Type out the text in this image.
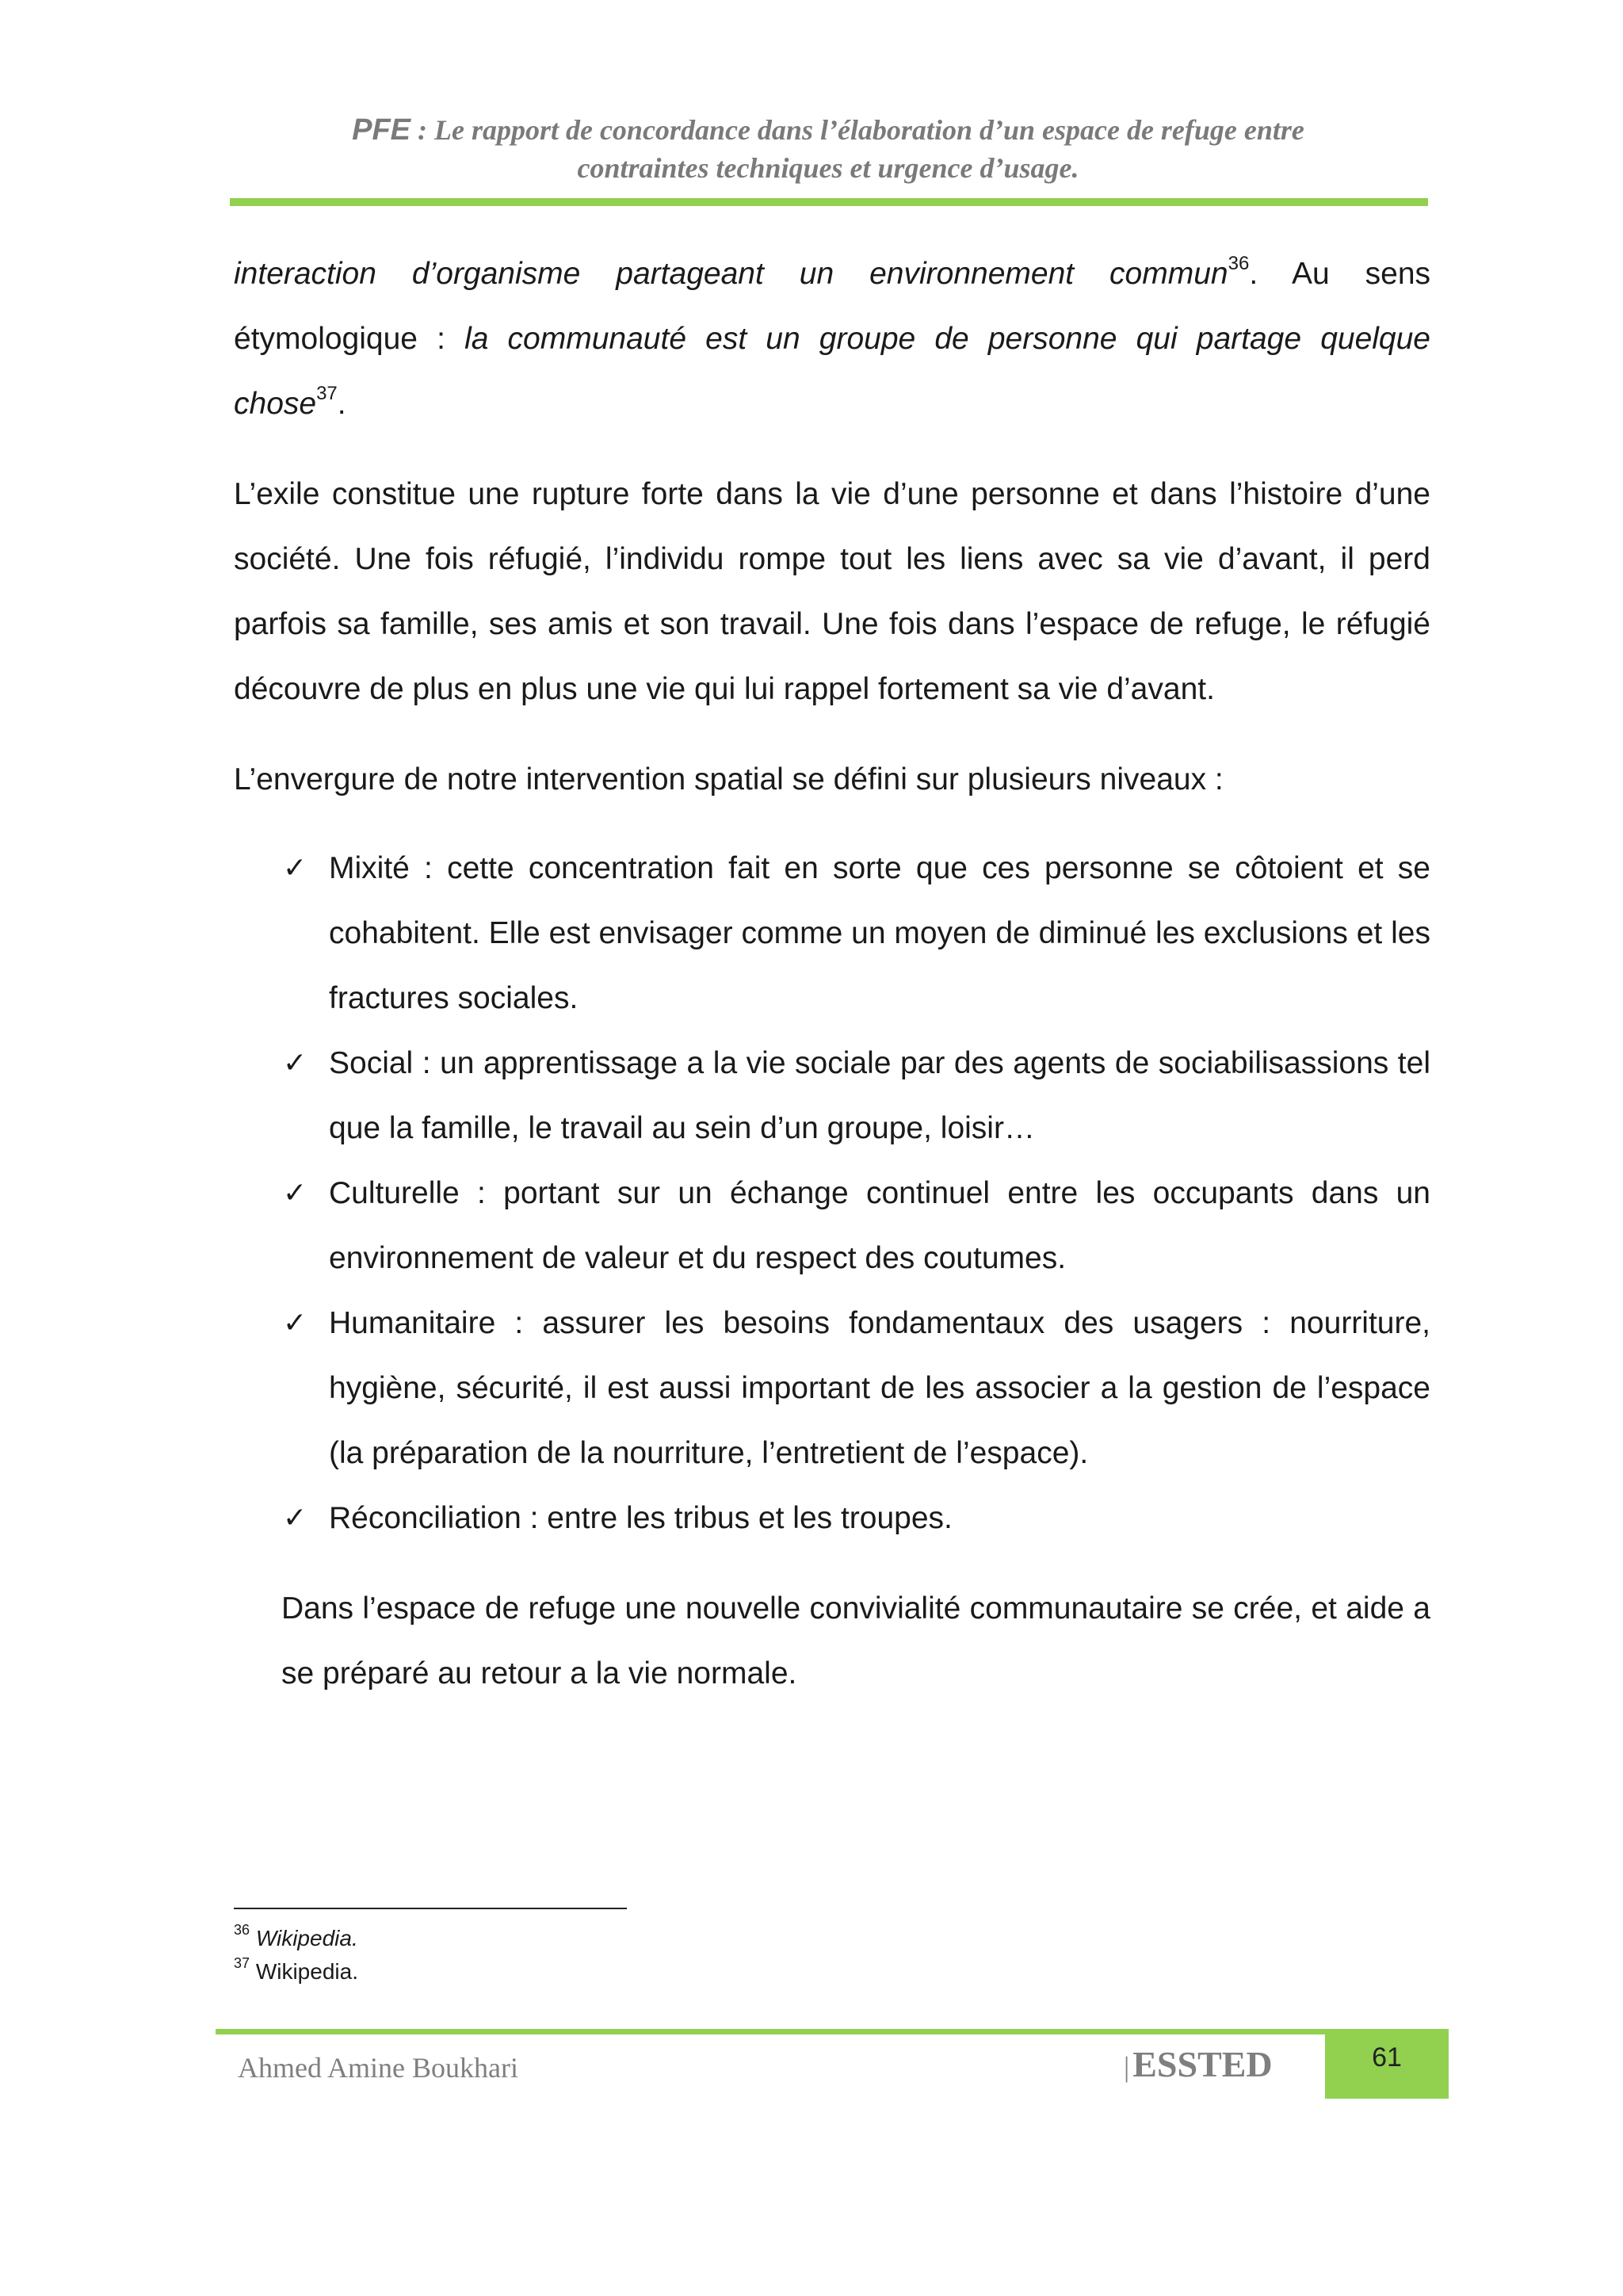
PFE : Le rapport de concordance dans l’élaboration d’un espace de refuge entre
contraintes techniques et urgence d’usage.

interaction d’organisme partageant un environnement commun$^{36}$. Au sens étymologique : la communauté est un groupe de personne qui partage quelque chose$^{37}$.

L’exile constitue une rupture forte dans la vie d’une personne et dans l’histoire d’une société. Une fois réfugié, l’individu rompe tout les liens avec sa vie d’avant, il perd parfois sa famille, ses amis et son travail. Une fois dans l’espace de refuge, le réfugié découvre de plus en plus une vie qui lui rappel fortement sa vie d’avant.

L’envergure de notre intervention spatial se défini sur plusieurs niveaux :

✓ Mixité : cette concentration fait en sorte que ces personne se côtoient et se cohabitent. Elle est envisager comme un moyen de diminué les exclusions et les fractures sociales.
✓ Social : un apprentissage a la vie sociale par des agents de sociabilisassions tel que la famille, le travail au sein d’un groupe, loisir…
✓ Culturelle : portant sur un échange continuel entre les occupants dans un environnement de valeur et du respect des coutumes.
✓ Humanitaire : assurer les besoins fondamentaux des usagers : nourriture, hygiène, sécurité, il est aussi important de les associer a la gestion de l’espace (la préparation de la nourriture, l’entretient de l’espace).
✓ Réconciliation : entre les tribus et les troupes.

Dans l’espace de refuge une nouvelle convivialité communautaire se crée, et aide a se préparé au retour a la vie normale.

$^{36}$ Wikipedia.
$^{37}$ Wikipedia.
Ahmed Amine Boukhari	|ESSTED	61
